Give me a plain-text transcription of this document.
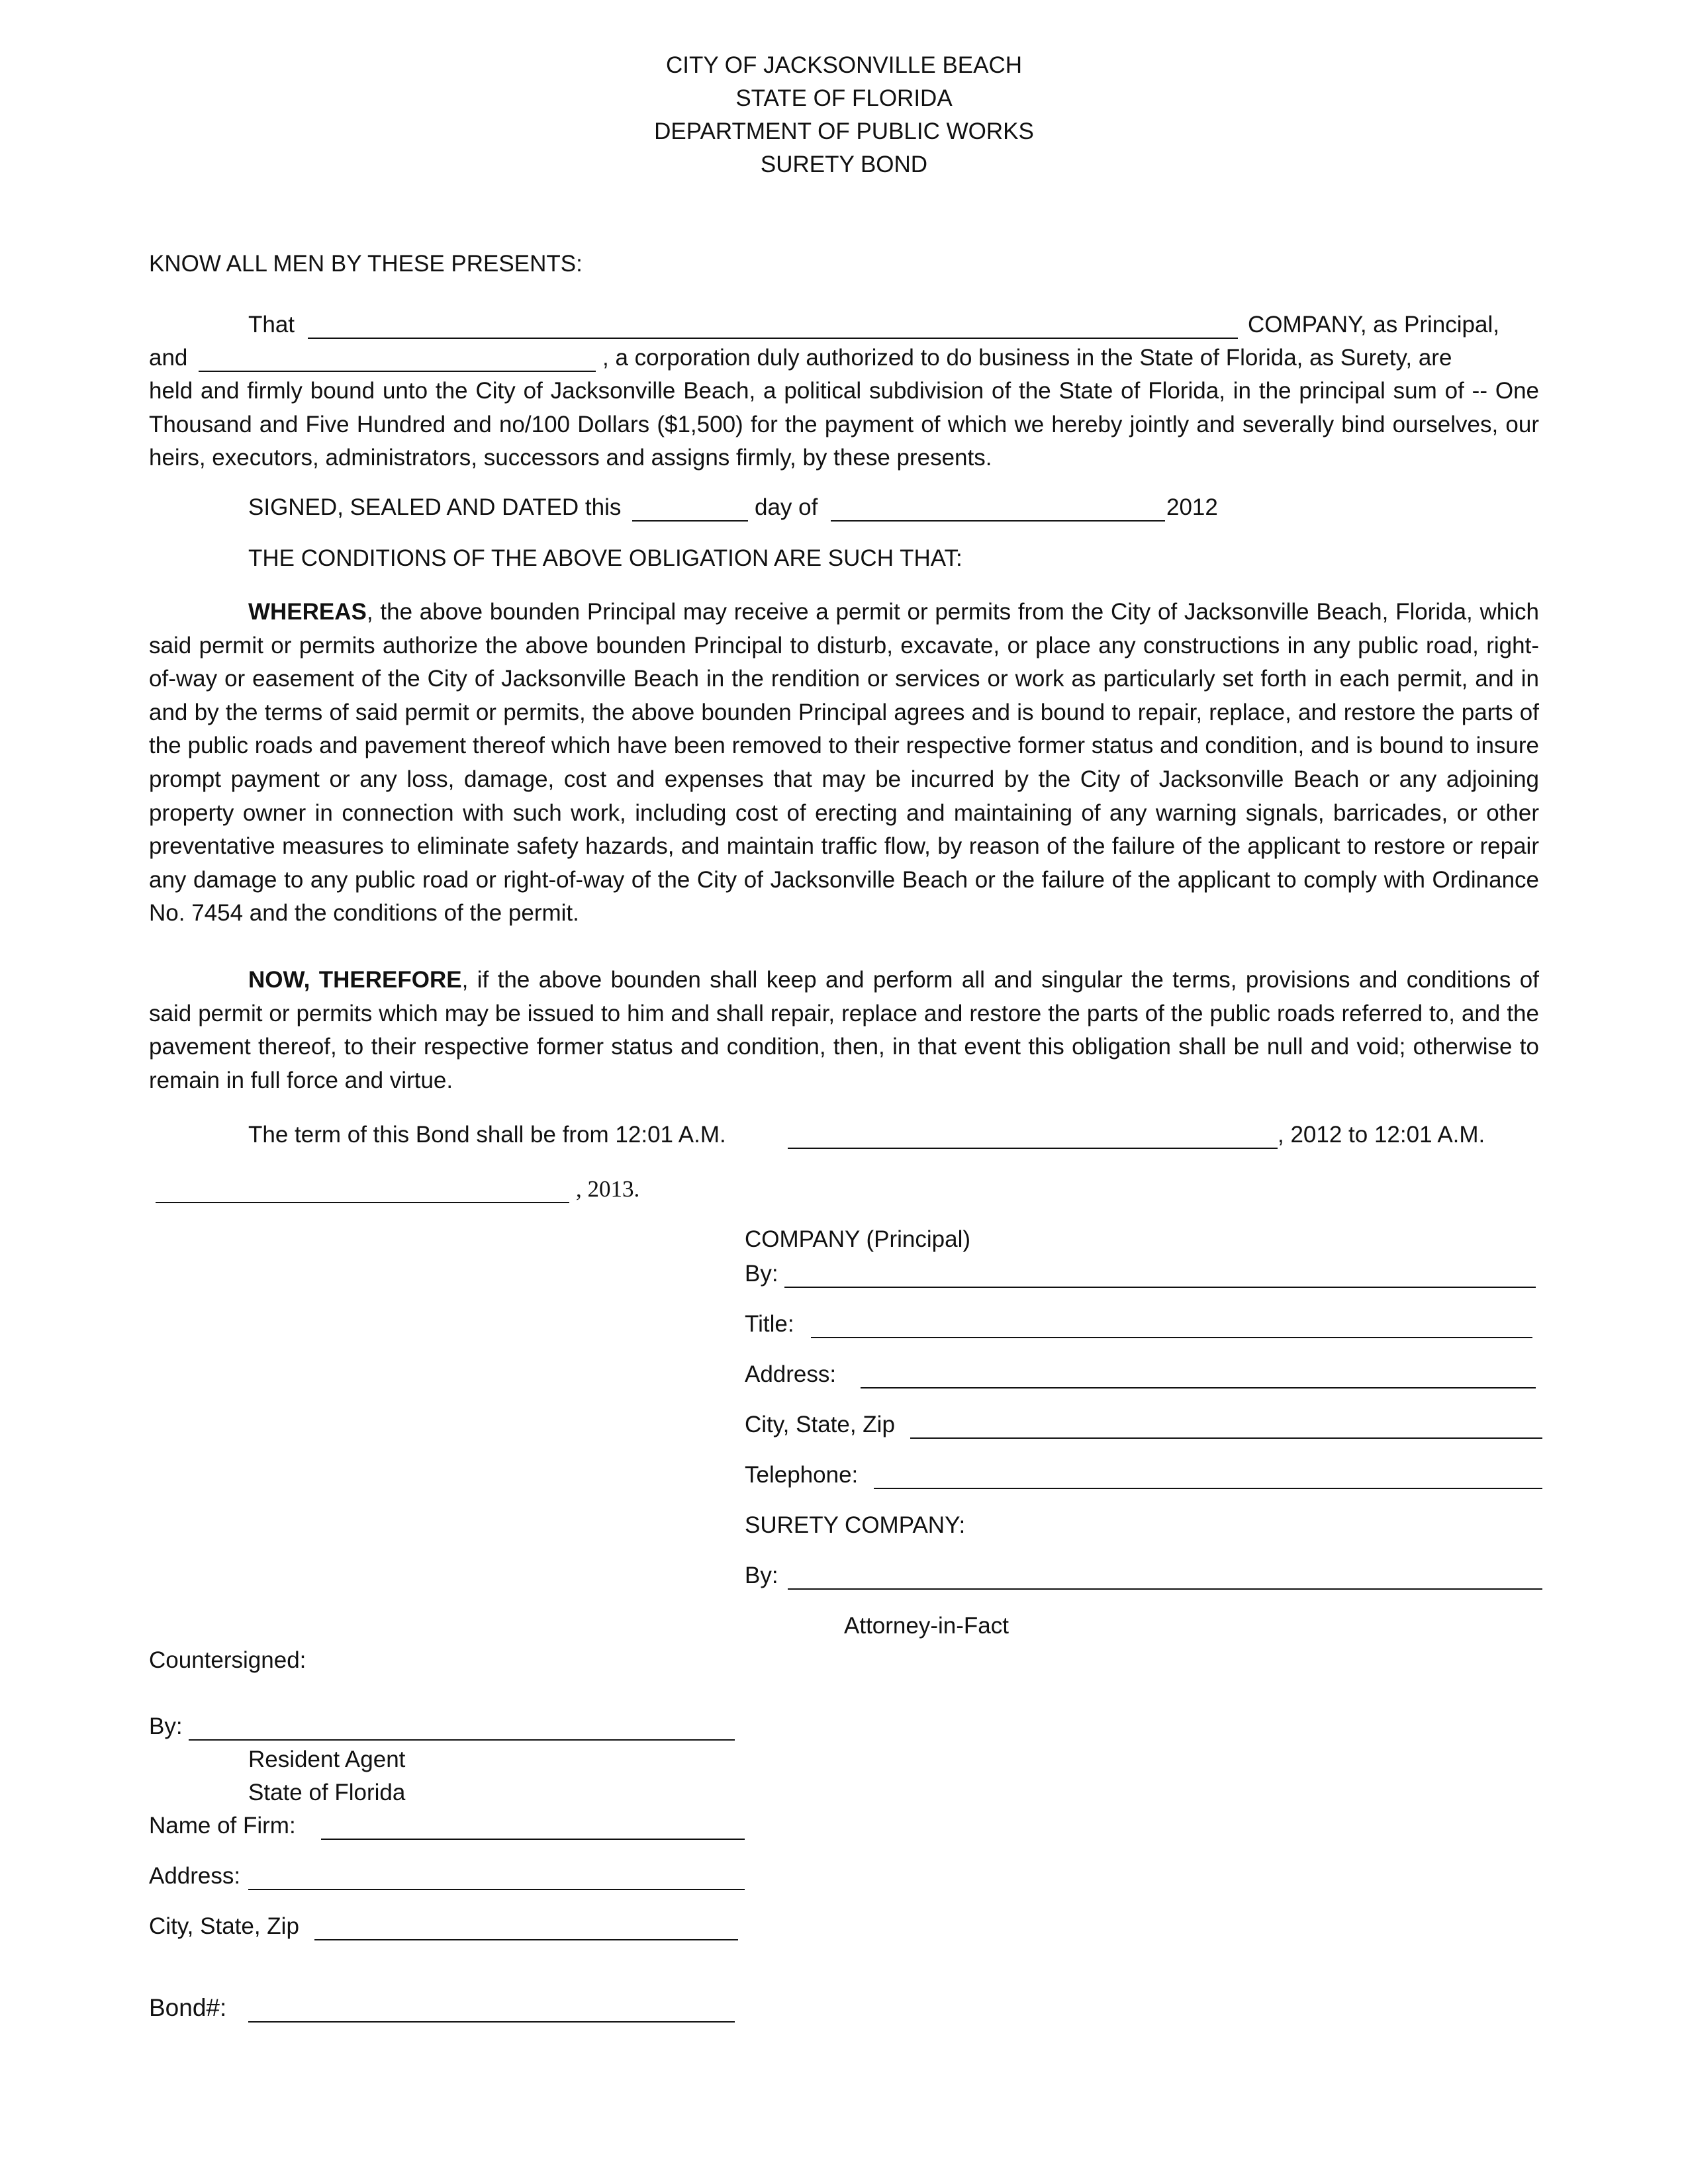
CITY OF JACKSONVILLE BEACH
STATE OF FLORIDA
DEPARTMENT OF PUBLIC WORKS
SURETY BOND
KNOW ALL MEN BY THESE PRESENTS:
That	COMPANY, as Principal,
and	, a corporation duly authorized to do business in the State of Florida, as Surety, are
held and firmly bound unto the City of Jacksonville Beach, a political subdivision of the State of Florida, in the principal sum of -- One Thousand and Five Hundred and no/100 Dollars ($1,500) for the payment of which we hereby jointly and severally bind ourselves, our heirs, executors, administrators, successors and assigns firmly, by these presents.
SIGNED, SEALED AND DATED this	day of	2012
THE CONDITIONS OF THE ABOVE OBLIGATION ARE SUCH THAT:
WHEREAS, the above bounden Principal may receive a permit or permits from the City of Jacksonville Beach, Florida, which said permit or permits authorize the above bounden Principal to disturb, excavate, or place any constructions in any public road, right-of-way or easement of the City of Jacksonville Beach in the rendition or services or work as particularly set forth in each permit, and in and by the terms of said permit or permits, the above bounden Principal agrees and is bound to repair, replace, and restore the parts of the public roads and pavement thereof which have been removed to their respective former status and condition, and is bound to insure prompt payment or any loss, damage, cost and expenses that may be incurred by the City of Jacksonville Beach or any adjoining property owner in connection with such work, including cost of erecting and maintaining of any warning signals, barricades, or other preventative measures to eliminate safety hazards, and maintain traffic flow, by reason of the failure of the applicant to restore or repair any damage to any public road or right-of-way of the City of Jacksonville Beach or the failure of the applicant to comply with Ordinance No. 7454 and the conditions of the permit.
NOW, THEREFORE, if the above bounden shall keep and perform all and singular the terms, provisions and conditions of said permit or permits which may be issued to him and shall repair, replace and restore the parts of the public roads referred to, and the pavement thereof, to their respective former status and condition, then, in that event this obligation shall be null and void; otherwise to remain in full force and virtue.
The term of this Bond shall be from 12:01 A.M.	, 2012 to 12:01 A.M.
, 2013.
COMPANY (Principal)
By:
Title:
Address:
City, State, Zip
Telephone:
SURETY COMPANY:
By:
Attorney-in-Fact
Countersigned:
By:
Resident Agent
State of Florida
Name of Firm:
Address:
City, State, Zip
Bond#:
